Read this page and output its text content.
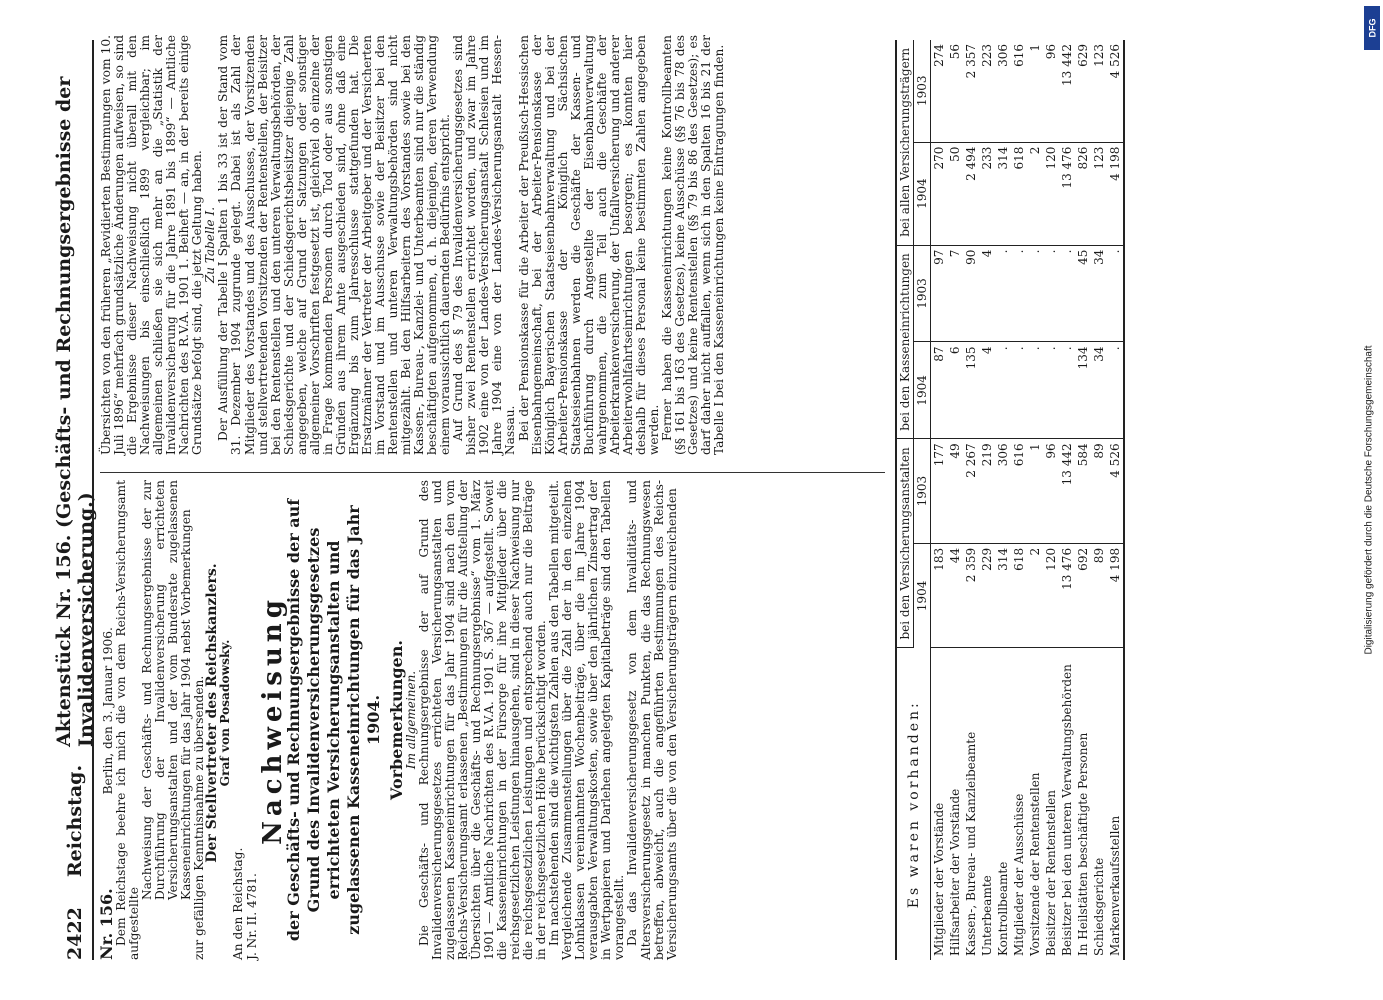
2422
Reichstag.
Aktenstück Nr. 156. (Geschäfts- und Rechnungsergebnisse der Invalidenversicherung.)

Nr. 156. Berlin, den 3. Januar 1906. Dem Reichstage beehre ich mich die von dem Reichs-Versicherungsamt aufgestellte

Nachweisung der Geschäfts- und Rechnungsergebnisse der zur Durchführung der Invalidenversicherung errichteten Versicherungsanstalten und der vom Bundesrate zugelassenen Kasseneinrichtungen für das Jahr 1904 nebst Vorbemerkungen zur gefälligen Kenntnisnahme zu übersenden.

Der Stellvertreter des Reichskanzlers.

Graf von Posadowsky.

An den Reichstag. J. Nr. II. 4781.

Nachweisung
der Geschäfts- und Rechnungsergebnisse der auf Grund des Invalidenversicherungsgesetzes errichteten Versicherungsanstalten und zugelassenen Kasseneinrichtungen für das Jahr 1904. Vorbemerkungen.
Im allgemeinen. Die Geschäfts- und Rechnungsergebnisse der auf Grund des Invalidenversicherungsgesetzes errichteten Versicherungsanstalten und zugelassenen Kasseneinrichtungen für das Jahr 1904 sind nach den vom Reichs-Versicherungsamt erlassenen „Bestimmungen für die Aufstellung der Übersichten über die Geschäfts- und Rechnungsergebnisse“ vom 1. März 1901 — Amtliche Nachrichten des R.V.A. 1901 S. 367 — aufgestellt. Soweit die Kasseneinrichtungen in der Fürsorge für ihre Mitglieder über die reichsgesetzlichen Leistungen hinausgehen, sind in dieser Nachweisung nur die reichsgesetzlichen Leistungen und entsprechend auch nur die Beiträge in der reichsgesetzlichen Höhe berücksichtigt worden. Im nachstehenden sind die wichtigsten Zahlen aus den Tabellen mitgeteilt. Vergleichende Zusammenstellungen über die Zahl der in den einzelnen Lohnklassen vereinnahmten Wochenbeiträge, über die im Jahre 1904 verausgabten Verwaltungskosten, sowie über den jährlichen Zinsertrag der in Wertpapieren und Darlehen angelegten Kapitalbeträge sind den Tabellen vorangestellt. Da das Invalidenversicherungsgesetz von dem Invaliditäts- und Altersversicherungsgesetz in manchen Punkten, die das Rechnungswesen betreffen, abweicht, auch die angeführten Bestimmungen des Reichs-Versicherungsamts über die von den Versicherungsträgern einzureichenden

Übersichten von den früheren „Revidierten Bestimmungen vom 10. Juli 1896“ mehrfach grundsätzliche Änderungen aufweisen, so sind die Ergebnisse dieser Nachweisung nicht überall mit den Nachweisungen bis einschließlich 1899 vergleichbar; im allgemeinen schließen sie sich mehr an die „Statistik der Invalidenversicherung für die Jahre 1891 bis 1899“ — Amtliche Nachrichten des R.V.A. 1901 1. Beiheft — an, in der bereits einige Grundsätze befolgt sind, die jetzt Geltung haben. Zu Tabelle I. Der Ausfüllung der Tabelle I Spalten 1 bis 33 ist der Stand vom 31. Dezember 1904 zugrunde gelegt. Dabei ist als Zahl der Mitglieder des Vorstandes und des Ausschusses, der Vorsitzenden und stellvertretenden Vorsitzenden der Rentenstellen, der Beisitzer bei den Rentenstellen und den unteren Verwaltungsbehörden, der Schiedsgerichte und der Schiedsgerichtsbeisitzer diejenige Zahl angegeben, welche auf Grund der Satzungen oder sonstiger allgemeiner Vorschriften festgesetzt ist, gleichviel ob einzelne der in Frage kommenden Personen durch Tod oder aus sonstigen Gründen aus ihrem Amte ausgeschieden sind, ohne daß eine Ergänzung bis zum Jahresschlusse stattgefunden hat. Die Ersatzmänner der Vertreter der Arbeitgeber und der Versicherten im Vorstand und im Ausschusse sowie der Beisitzer bei den Rentenstellen und unteren Verwaltungsbehörden sind nicht mitgezählt. Bei den Hilfsarbeitern des Vorstandes sowie bei den Kassen-, Bureau-, Kanzlei- und Unterbeamten sind nur die ständig beschäftigten aufgenommen, d. h. diejenigen, deren Verwendung einem voraussichtlich dauernden Bedürfnis entspricht. Auf Grund des § 79 des Invalidenversicherungsgesetzes sind bisher zwei Rentenstellen errichtet worden, und zwar im Jahre 1902 eine von der Landes-Versicherungsanstalt Schlesien und im Jahre 1904 eine von der Landes-Versicherungsanstalt Hessen-Nassau. Bei der Pensionskasse für die Arbeiter der Preußisch-Hessischen Eisenbahngemeinschaft, bei der Arbeiter-Pensionskasse der Königlich Bayerischen Staatseisenbahnverwaltung und bei der Arbeiter-Pensionskasse der Königlich Sächsischen Staatseisenbahnen werden die Geschäfte der Kassen- und Buchführung durch Angestellte der Eisenbahnverwaltung wahrgenommen, die zum Teil auch die Geschäfte der Arbeiterkrankenversicherung, der Unfallversicherung und anderer Arbeiterwohlfahrtseinrichtungen besorgen; es konnten hier deshalb für dieses Personal keine bestimmten Zahlen angegeben werden. Ferner haben die Kasseneinrichtungen keine Kontrollbeamten (§§ 161 bis 163 des Gesetzes), keine Ausschüsse (§§ 76 bis 78 des Gesetzes) und keine Rentenstellen (§§ 79 bis 86 des Gesetzes); es darf daher nicht auffallen, wenn sich in den Spalten 16 bis 21 der Tabelle I bei den Kasseneinrichtungen keine Eintragungen finden.

Es waren vorhanden:	bei den Versicherungsanstalten		bei den Kasseneinrichtungen		bei allen Versicherungsträgern	
	1904	1903	1904	1903	1904	1903
Mitglieder der Vorstände	183	177	87	97	270	274
Hilfsarbeiter der Vorstände	44	49	6	7	50	56
Kassen-, Bureau- und Kanzleibeamte	2 359	2 267	135	90	2 494	2 357
Unterbeamte	229	219	4	4	233	223
Kontrollbeamte	314	306	.	.	314	306
Mitglieder der Ausschüsse	618	616	.	.	618	616
Vorsitzende der Rentenstellen	2	1	.	.	2	1
Beisitzer der Rentenstellen	120	96	.	.	120	96
Beisitzer bei den unteren Verwaltungsbehörden	13 476	13 442	.	.	13 476	13 442
In Heilstätten beschäftigte Personen	692	584	134	45	826	629
Schiedsgerichte	89	89	34	34	123	123
Markenverkaufsstellen	4 198	4 526	.	.	4 198	4 526
Digitalisierung gefördert durch die Deutsche Forschungsgemeinschaft
DFG
